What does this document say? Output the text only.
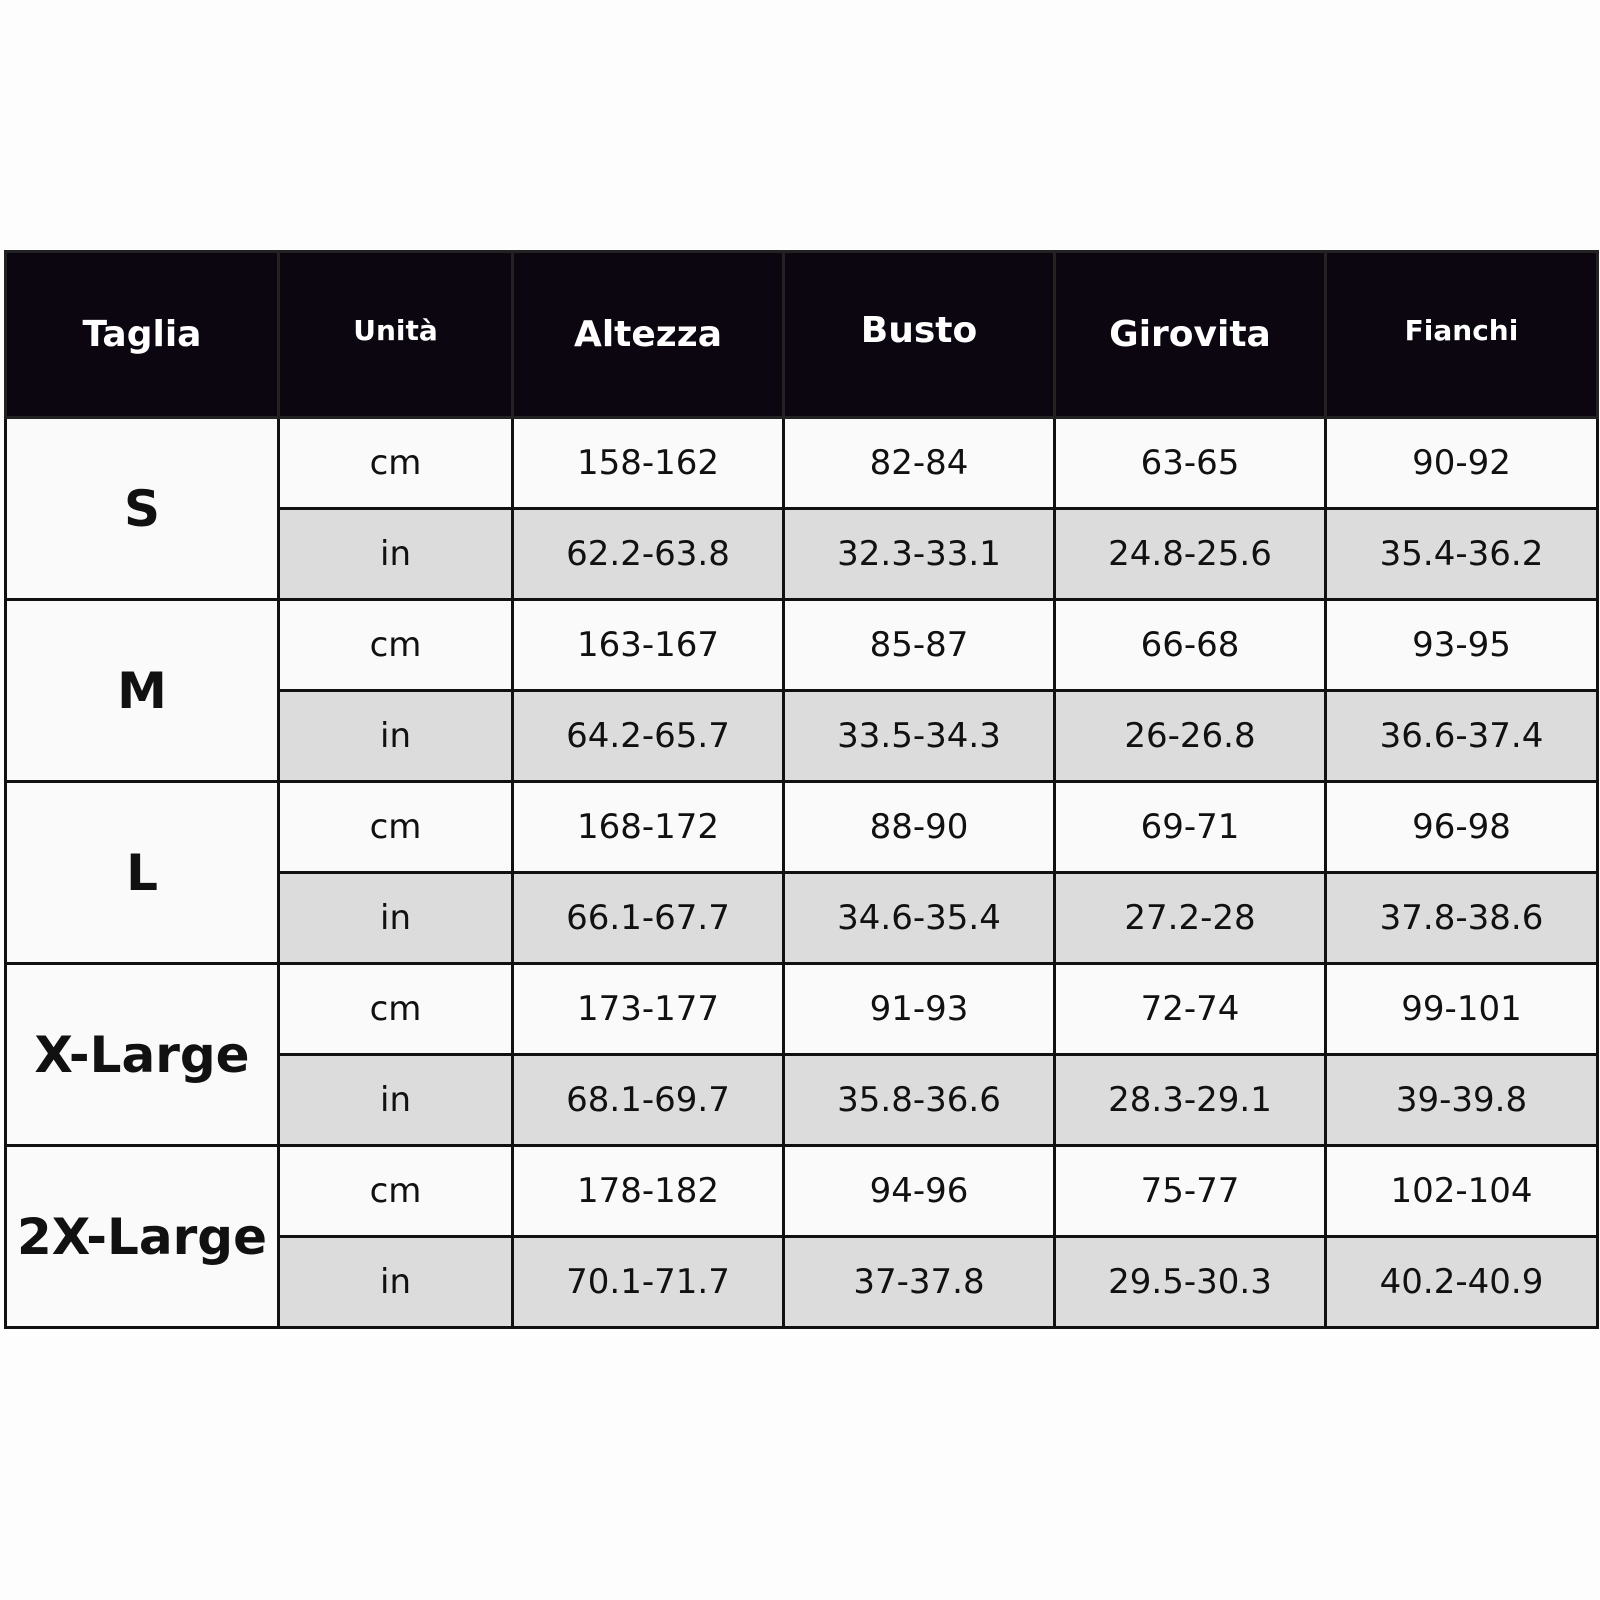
Taglia	Unità	Altezza	Busto	Girovita	Fianchi
S	cm	158-162	82-84	63-65	90-92
	in	62.2-63.8	32.3-33.1	24.8-25.6	35.4-36.2
M	cm	163-167	85-87	66-68	93-95
	in	64.2-65.7	33.5-34.3	26-26.8	36.6-37.4
L	cm	168-172	88-90	69-71	96-98
	in	66.1-67.7	34.6-35.4	27.2-28	37.8-38.6
X-Large	cm	173-177	91-93	72-74	99-101
	in	68.1-69.7	35.8-36.6	28.3-29.1	39-39.8
2X-Large	cm	178-182	94-96	75-77	102-104
	in	70.1-71.7	37-37.8	29.5-30.3	40.2-40.9
